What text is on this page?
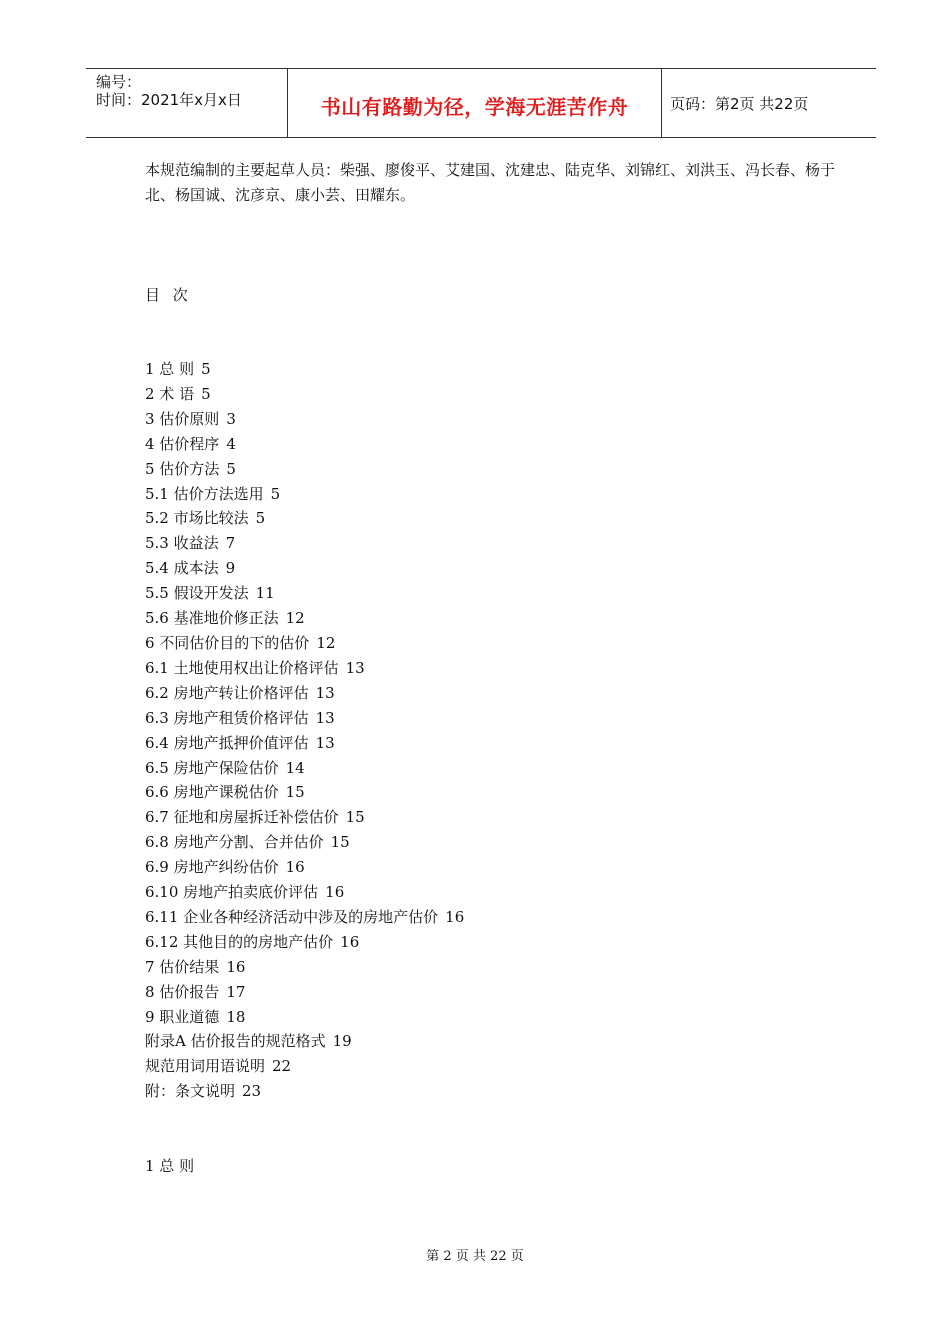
编号：
时间：2021年x月x日	书山有路勤为径，学海无涯苦作舟	页码：第2页 共22页

本规范编制的主要起草人员：柴强、廖俊平、艾建国、沈建忠、陆克华、刘锦红、刘洪玉、冯长春、杨于北、杨国诚、沈彦京、康小芸、田耀东。

目 次
1 总 则 5
2 术 语 5
3 估价原则 3
4 估价程序 4
5 估价方法 5
5.1 估价方法选用 5
5.2 市场比较法 5
5.3 收益法 7
5.4 成本法 9
5.5 假设开发法 11
5.6 基准地价修正法 12
6 不同估价目的下的估价 12
6.1 土地使用权出让价格评估 13
6.2 房地产转让价格评估 13
6.3 房地产租赁价格评估 13
6.4 房地产抵押价值评估 13
6.5 房地产保险估价 14
6.6 房地产课税估价 15
6.7 征地和房屋拆迁补偿估价 15
6.8 房地产分割、合并估价 15
6.9 房地产纠纷估价 16
6.10 房地产拍卖底价评估 16
6.11 企业各种经济活动中涉及的房地产估价 16
6.12 其他目的的房地产估价 16
7 估价结果 16
8 估价报告 17
9 职业道德 18
附录A 估价报告的规范格式 19
规范用词用语说明 22
附：条文说明 23
1 总 则
第 2 页 共 22 页
